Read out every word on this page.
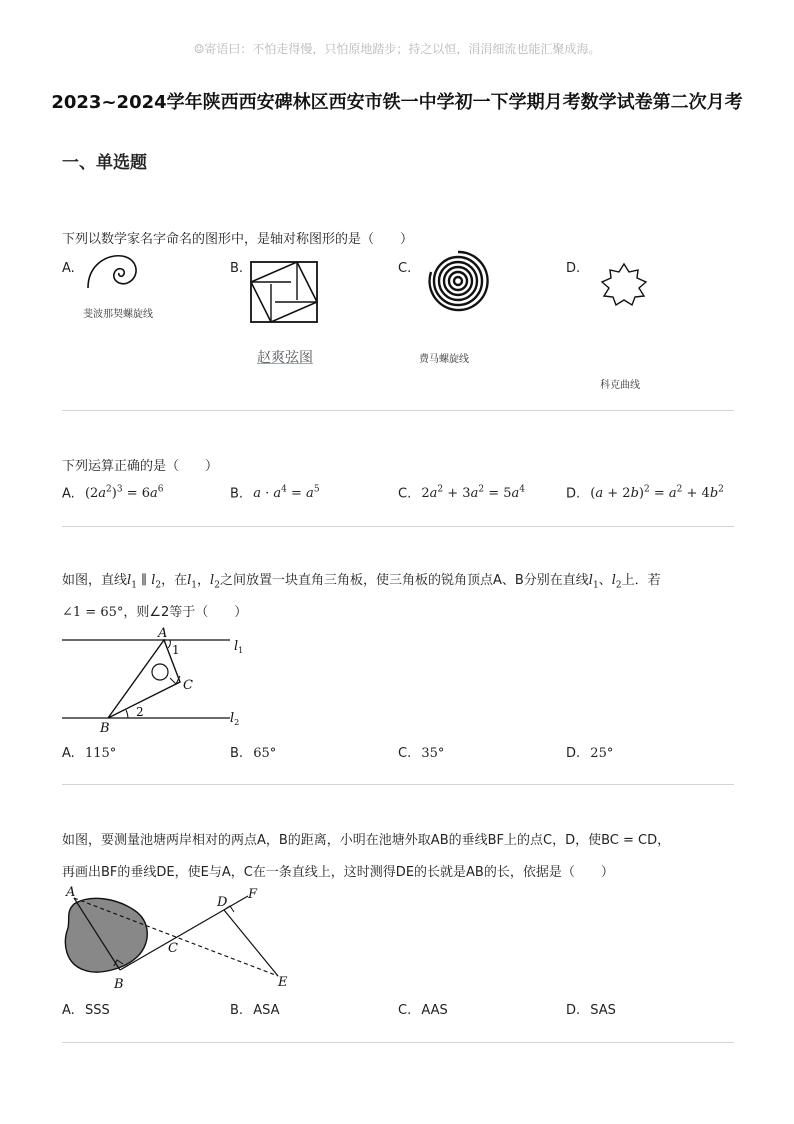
☺寄语曰：不怕走得慢，只怕原地踏步；持之以恒，涓涓细流也能汇聚成海。
2023~2024学年陕西西安碑林区西安市铁一中学初一下学期月考数学试卷第二次月考
一、单选题
下列以数学家名字命名的图形中，是轴对称图形的是（　　）
A.
斐波那契螺旋线
B.
赵爽弦图
C.
费马螺旋线
D.
科克曲线
下列运算正确的是（　　）
A. $(2a^2)^3 = 6a^6$	B. $a \cdot a^4 = a^5$	C. $2a^2 + 3a^2 = 5a^4$	D. $(a + 2b)^2 = a^2 + 4b^2$
如图，直线$l_1$ ∥ $l_2$，在$l_1$，$l_2$之间放置一块直角三角板，使三角板的锐角顶点A、B分别在直线$l_1$、$l_2$上．若
∠1 = 65°，则∠2等于（　　）
A
B
C
$l_1$
$l_2$
1
2
A. 115°	B. 65°	C. 35°	D. 25°
如图，要测量池塘两岸相对的两点A，B的距离，小明在池塘外取AB的垂线BF上的点C，D，使BC = CD，
再画出BF的垂线DE，使E与A，C在一条直线上，这时测得DE的长就是AB的长，依据是（　　）
A
B
C
D
E
F
A. SSS	B. ASA	C. AAS	D. SAS
